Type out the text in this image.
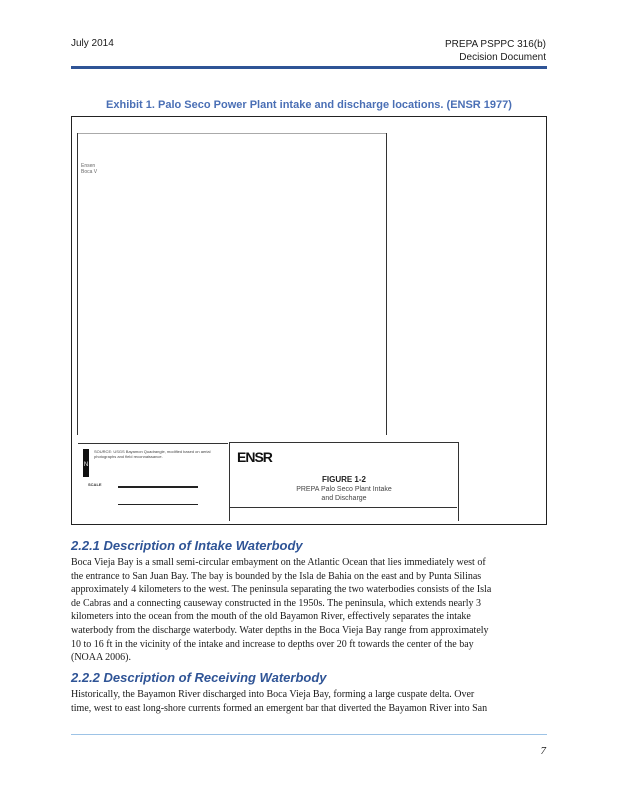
July 2014	PREPA PSPPC 316(b)
Decision Document
Exhibit 1. Palo Seco Power Plant intake and discharge locations. (ENSR 1977)
Ensen
Boca V
N
SOURCE: USGS Bayamon Quadrangle, modified based on aerial photographs and field reconnaissance.
SCALE
ENSR
FIGURE 1-2
PREPA Palo Seco Plant Intake
and Discharge
2.2.1 Description of Intake Waterbody
Boca Vieja Bay is a small semi-circular embayment on the Atlantic Ocean that lies immediately west of
the entrance to San Juan Bay. The bay is bounded by the Isla de Bahia on the east and by Punta Silinas
approximately 4 kilometers to the west. The peninsula separating the two waterbodies consists of the Isla
de Cabras and a connecting causeway constructed in the 1950s. The peninsula, which extends nearly 3
kilometers into the ocean from the mouth of the old Bayamon River, effectively separates the intake
waterbody from the discharge waterbody. Water depths in the Boca Vieja Bay range from approximately
10 to 16 ft in the vicinity of the intake and increase to depths over 20 ft towards the center of the bay
(NOAA 2006).
2.2.2 Description of Receiving Waterbody
Historically, the Bayamon River discharged into Boca Vieja Bay, forming a large cuspate delta. Over
time, west to east long-shore currents formed an emergent bar that diverted the Bayamon River into San
7
